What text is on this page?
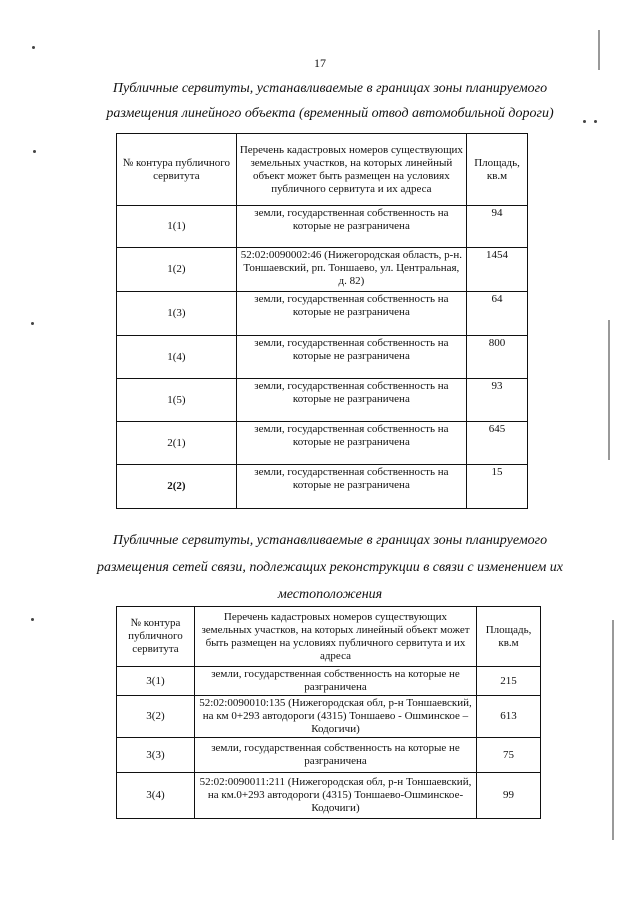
17
Публичные сервитуты, устанавливаемые в границах зоны планируемого
размещения линейного объекта (временный отвод автомобильной дороги)
№ контура публичного сервитута	Перечень кадастровых номеров существующих земельных участков, на которых линейный объект может быть размещен на условиях публичного сервитута и их адреса	Площадь, кв.м
1(1)	земли, государственная собственность на которые не разграничена	94
1(2)	52:02:0090002:46 (Нижегородская область, р-н. Тоншаевский, рп. Тоншаево, ул. Центральная, д. 82)	1454
1(3)	земли, государственная собственность на которые не разграничена	64
1(4)	земли, государственная собственность на которые не разграничена	800
1(5)	земли, государственная собственность на которые не разграничена	93
2(1)	земли, государственная собственность на которые не разграничена	645
2(2)	земли, государственная собственность на которые не разграничена	15
Публичные сервитуты, устанавливаемые в границах зоны планируемого
размещения сетей связи, подлежащих реконструкции в связи с изменением их
местоположения
№ контура публичного сервитута	Перечень кадастровых номеров существующих земельных участков, на которых линейный объект может быть размещен на условиях публичного сервитута и их адреса	Площадь, кв.м
3(1)	земли, государственная собственность на которые не разграничена	215
3(2)	52:02:0090010:135 (Нижегородская обл, р-н Тоншаевский, на км 0+293 автодороги (4315) Тоншаево - Ошминское – Кодогичи)	613
3(3)	земли, государственная собственность на которые не разграничена	75
3(4)	52:02:0090011:211 (Нижегородская обл, р-н Тоншаевский, на км.0+293 автодороги (4315) Тоншаево-Ошминское-Кодочиги)	99
